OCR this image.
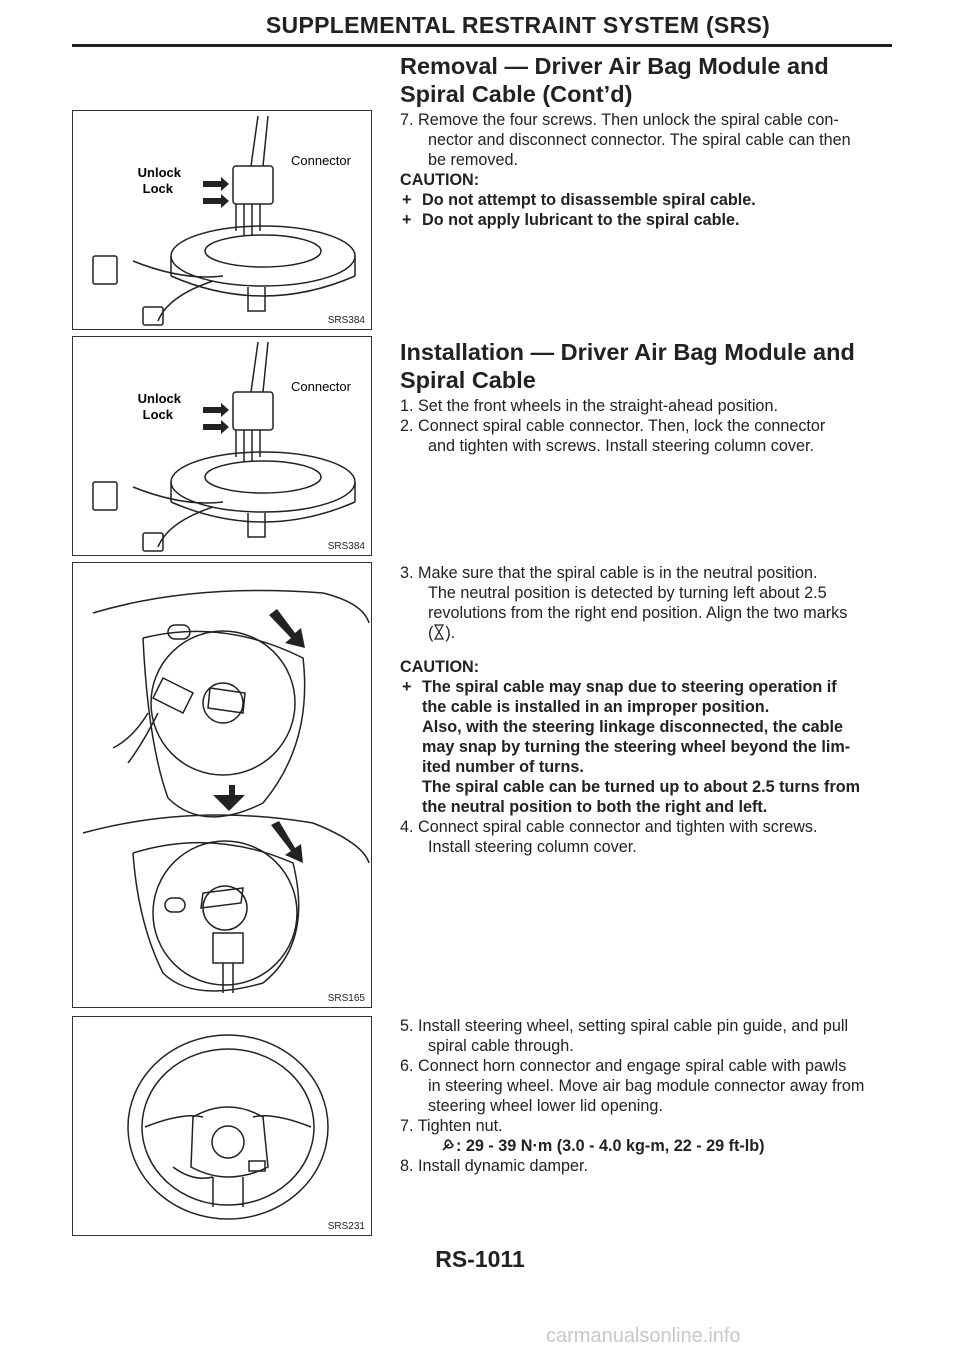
SUPPLEMENTAL RESTRAINT SYSTEM (SRS)
Removal — Driver Air Bag Module and
Spiral Cable (Cont’d)
Unlock
Lock
Connector
SRS384

7. Remove the four screws. Then unlock the spiral cable con-

nector and disconnect connector. The spiral cable can then

be removed.

CAUTION:

+ Do not attempt to disassemble spiral cable.
+ Do not apply lubricant to the spiral cable.
Installation — Driver Air Bag Module and
Spiral Cable
Unlock
Lock
Connector
SRS384

1. Set the front wheels in the straight-ahead position.

2. Connect spiral cable connector. Then, lock the connector

and tighten with screws. Install steering column cover.

SRS165

3. Make sure that the spiral cable is in the neutral position.

The neutral position is detected by turning left about 2.5

revolutions from the right end position. Align the two marks

( ).

CAUTION:

+ The spiral cable may snap due to steering operation if
the cable is installed in an improper position.
Also, with the steering linkage disconnected, the cable
may snap by turning the steering wheel beyond the lim-
ited number of turns.
The spiral cable can be turned up to about 2.5 turns from
the neutral position to both the right and left.

4. Connect spiral cable connector and tighten with screws.

Install steering column cover.

SRS231

5. Install steering wheel, setting spiral cable pin guide, and pull

spiral cable through.

6. Connect horn connector and engage spiral cable with pawls

in steering wheel. Move air bag module connector away from

steering wheel lower lid opening.

7. Tighten nut.

: 29 - 39 N·m (3.0 - 4.0 kg-m, 22 - 29 ft-lb)

8. Install dynamic damper.

RS-1011
carmanualsonline.info
